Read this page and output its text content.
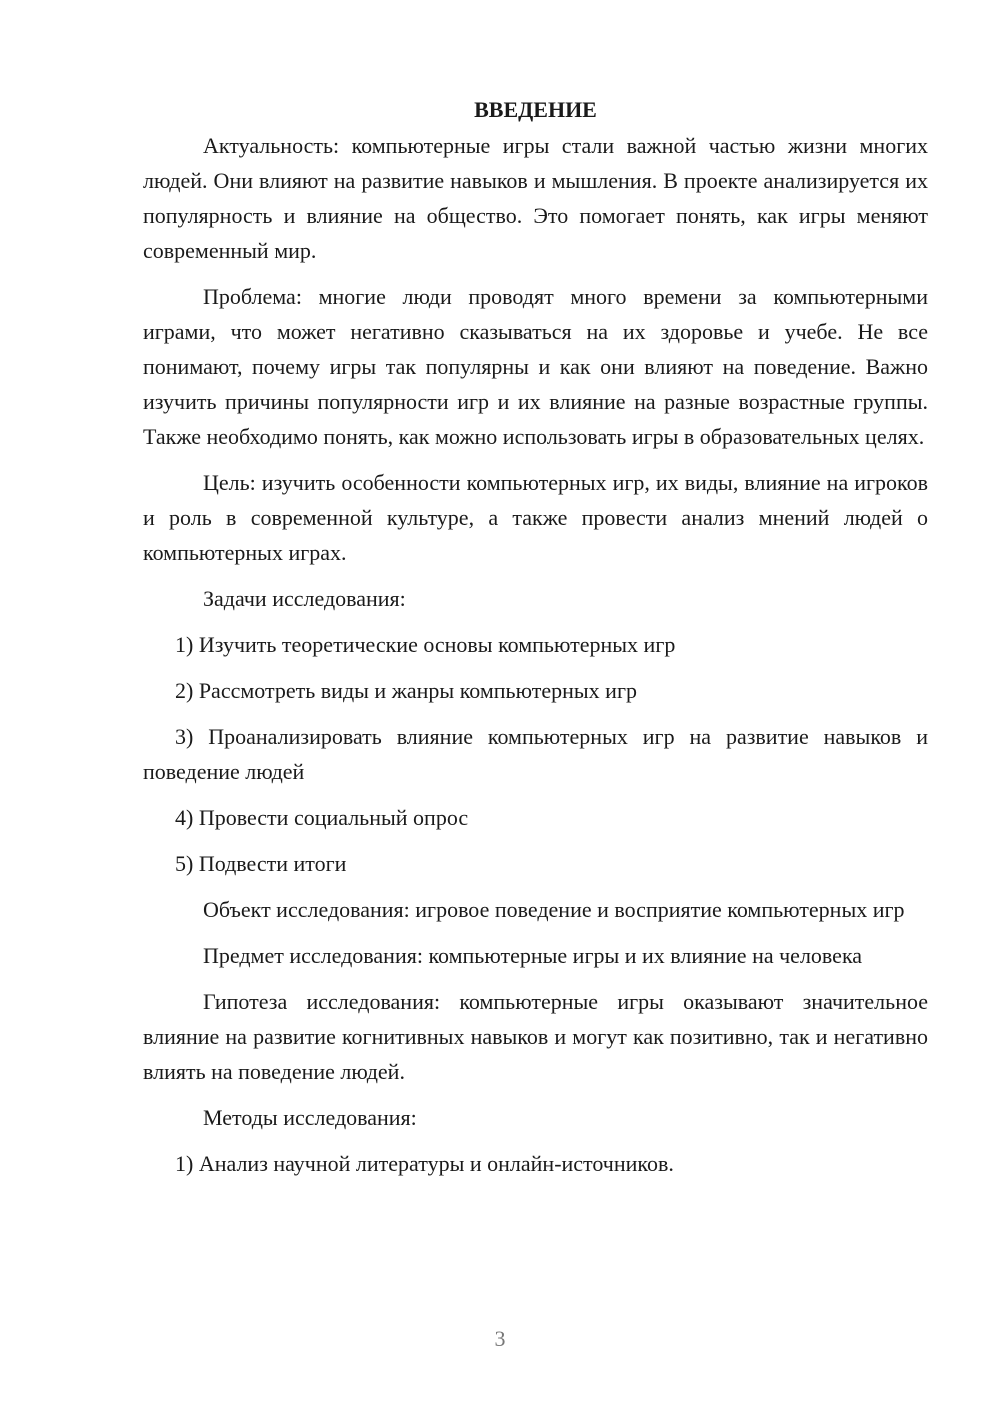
ВВЕДЕНИЕ

Актуальность: компьютерные игры стали важной частью жизни многих людей. Они влияют на развитие навыков и мышления. В проекте анализируется их популярность и влияние на общество. Это помогает понять, как игры меняют современный мир.

Проблема: многие люди проводят много времени за компьютерными играми, что может негативно сказываться на их здоровье и учебе. Не все понимают, почему игры так популярны и как они влияют на поведение. Важно изучить причины популярности игр и их влияние на разные возрастные группы. Также необходимо понять, как можно использовать игры в образовательных целях.

Цель: изучить особенности компьютерных игр, их виды, влияние на игроков и роль в современной культуре, а также провести анализ мнений людей о компьютерных играх.

Задачи исследования:

1) Изучить теоретические основы компьютерных игр

2) Рассмотреть виды и жанры компьютерных игр

3) Проанализировать влияние компьютерных игр на развитие навыков и поведение людей

4) Провести социальный опрос

5) Подвести итоги

Объект исследования: игровое поведение и восприятие компьютерных игр

Предмет исследования: компьютерные игры и их влияние на человека

Гипотеза исследования: компьютерные игры оказывают значительное влияние на развитие когнитивных навыков и могут как позитивно, так и негативно влиять на поведение людей.

Методы исследования:

1) Анализ научной литературы и онлайн-источников.

3
